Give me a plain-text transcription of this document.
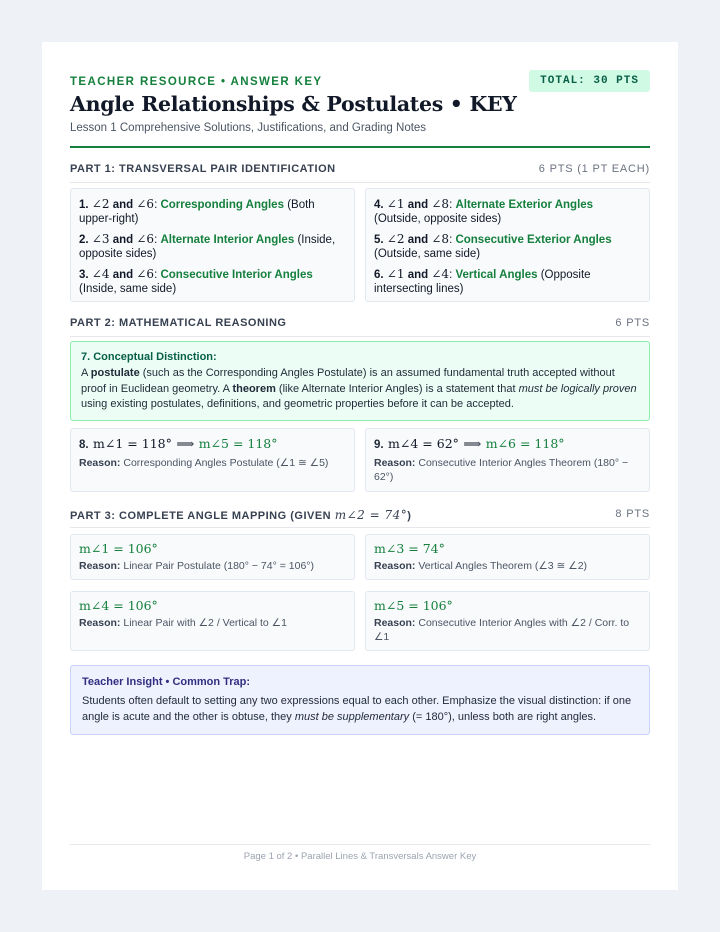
TEACHER RESOURCE • ANSWER KEY	TOTAL: 30 PTS
Angle Relationships & Postulates • KEY
Lesson 1 Comprehensive Solutions, Justifications, and Grading Notes
PART 1: TRANSVERSAL PAIR IDENTIFICATION	6 PTS (1 PT EACH)
1. ∠2 and ∠6: Corresponding Angles (Both upper-right)
2. ∠3 and ∠6: Alternate Interior Angles (Inside, opposite sides)
3. ∠4 and ∠6: Consecutive Interior Angles (Inside, same side)
4. ∠1 and ∠8: Alternate Exterior Angles (Outside, opposite sides)
5. ∠2 and ∠8: Consecutive Exterior Angles (Outside, same side)
6. ∠1 and ∠4: Vertical Angles (Opposite intersecting lines)
PART 2: MATHEMATICAL REASONING	6 PTS
7. Conceptual Distinction:
A postulate (such as the Corresponding Angles Postulate) is an assumed fundamental truth accepted without proof in Euclidean geometry. A theorem (like Alternate Interior Angles) is a statement that must be logically proven using existing postulates, definitions, and geometric properties before it can be accepted.
8. m∠1 = 118° ⟹ m∠5 = 118°
Reason: Corresponding Angles Postulate (∠1 ≅ ∠5)
9. m∠4 = 62° ⟹ m∠6 = 118°
Reason: Consecutive Interior Angles Theorem (180° − 62°)
PART 3: COMPLETE ANGLE MAPPING (GIVEN m∠2 = 74°)	8 PTS
m∠1 = 106°
Reason: Linear Pair Postulate (180° − 74° = 106°)
m∠3 = 74°
Reason: Vertical Angles Theorem (∠3 ≅ ∠2)
m∠4 = 106°
Reason: Linear Pair with ∠2 / Vertical to ∠1
m∠5 = 106°
Reason: Consecutive Interior Angles with ∠2 / Corr. to ∠1
Teacher Insight • Common Trap:
Students often default to setting any two expressions equal to each other. Emphasize the visual distinction: if one angle is acute and the other is obtuse, they must be supplementary (= 180°), unless both are right angles.
Page 1 of 2 • Parallel Lines & Transversals Answer Key
